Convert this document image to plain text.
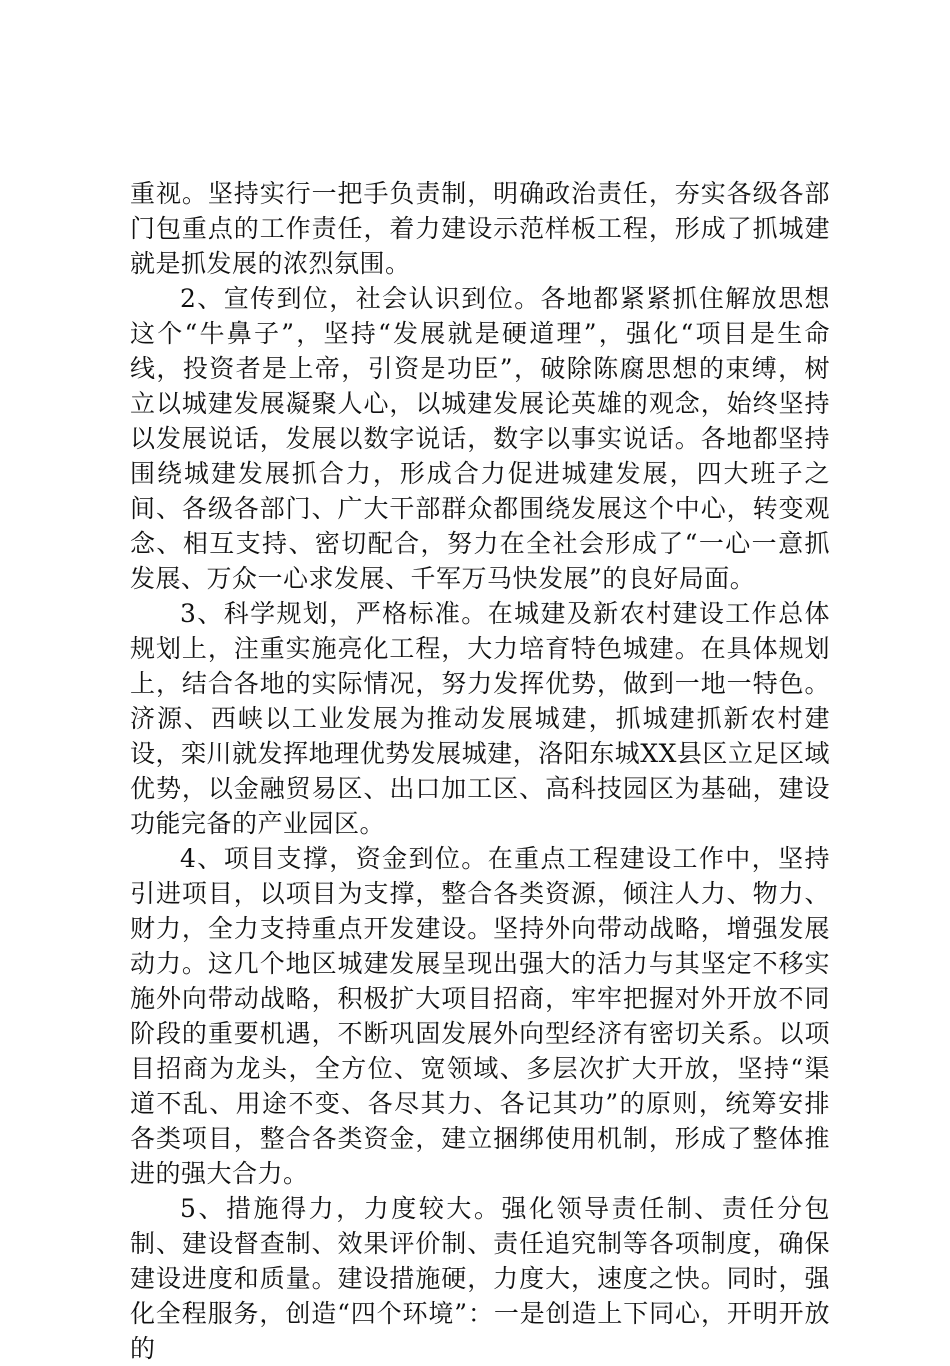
重视。坚持实行一把手负责制，明确政治责任，夯实各级各部门包重点的工作责任，着力建设示范样板工程，形成了抓城建就是抓发展的浓烈氛围。

2、宣传到位，社会认识到位。各地都紧紧抓住解放思想这个“牛鼻子”，坚持“发展就是硬道理”，强化“项目是生命线，投资者是上帝，引资是功臣”，破除陈腐思想的束缚，树立以城建发展凝聚人心，以城建发展论英雄的观念，始终坚持以发展说话，发展以数字说话，数字以事实说话。各地都坚持围绕城建发展抓合力，形成合力促进城建发展，四大班子之间、各级各部门、广大干部群众都围绕发展这个中心，转变观念、相互支持、密切配合，努力在全社会形成了“一心一意抓发展、万众一心求发展、千军万马快发展”的良好局面。

3、科学规划，严格标准。在城建及新农村建设工作总体规划上，注重实施亮化工程，大力培育特色城建。在具体规划上，结合各地的实际情况，努力发挥优势，做到一地一特色。济源、西峡以工业发展为推动发展城建，抓城建抓新农村建设，栾川就发挥地理优势发展城建，洛阳东城XX县区立足区域优势，以金融贸易区、出口加工区、高科技园区为基础，建设功能完备的产业园区。

4、项目支撑，资金到位。在重点工程建设工作中，坚持引进项目，以项目为支撑，整合各类资源，倾注人力、物力、财力，全力支持重点开发建设。坚持外向带动战略，增强发展动力。这几个地区城建发展呈现出强大的活力与其坚定不移实施外向带动战略，积极扩大项目招商，牢牢把握对外开放不同阶段的重要机遇，不断巩固发展外向型经济有密切关系。以项目招商为龙头，全方位、宽领域、多层次扩大开放，坚持“渠道不乱、用途不变、各尽其力、各记其功”的原则，统筹安排各类项目，整合各类资金，建立捆绑使用机制，形成了整体推进的强大合力。

5、措施得力，力度较大。强化领导责任制、责任分包制、建设督查制、效果评价制、责任追究制等各项制度，确保建设进度和质量。建设措施硬，力度大，速度之快。同时，强化全程服务，创造“四个环境”：一是创造上下同心，开明开放的
